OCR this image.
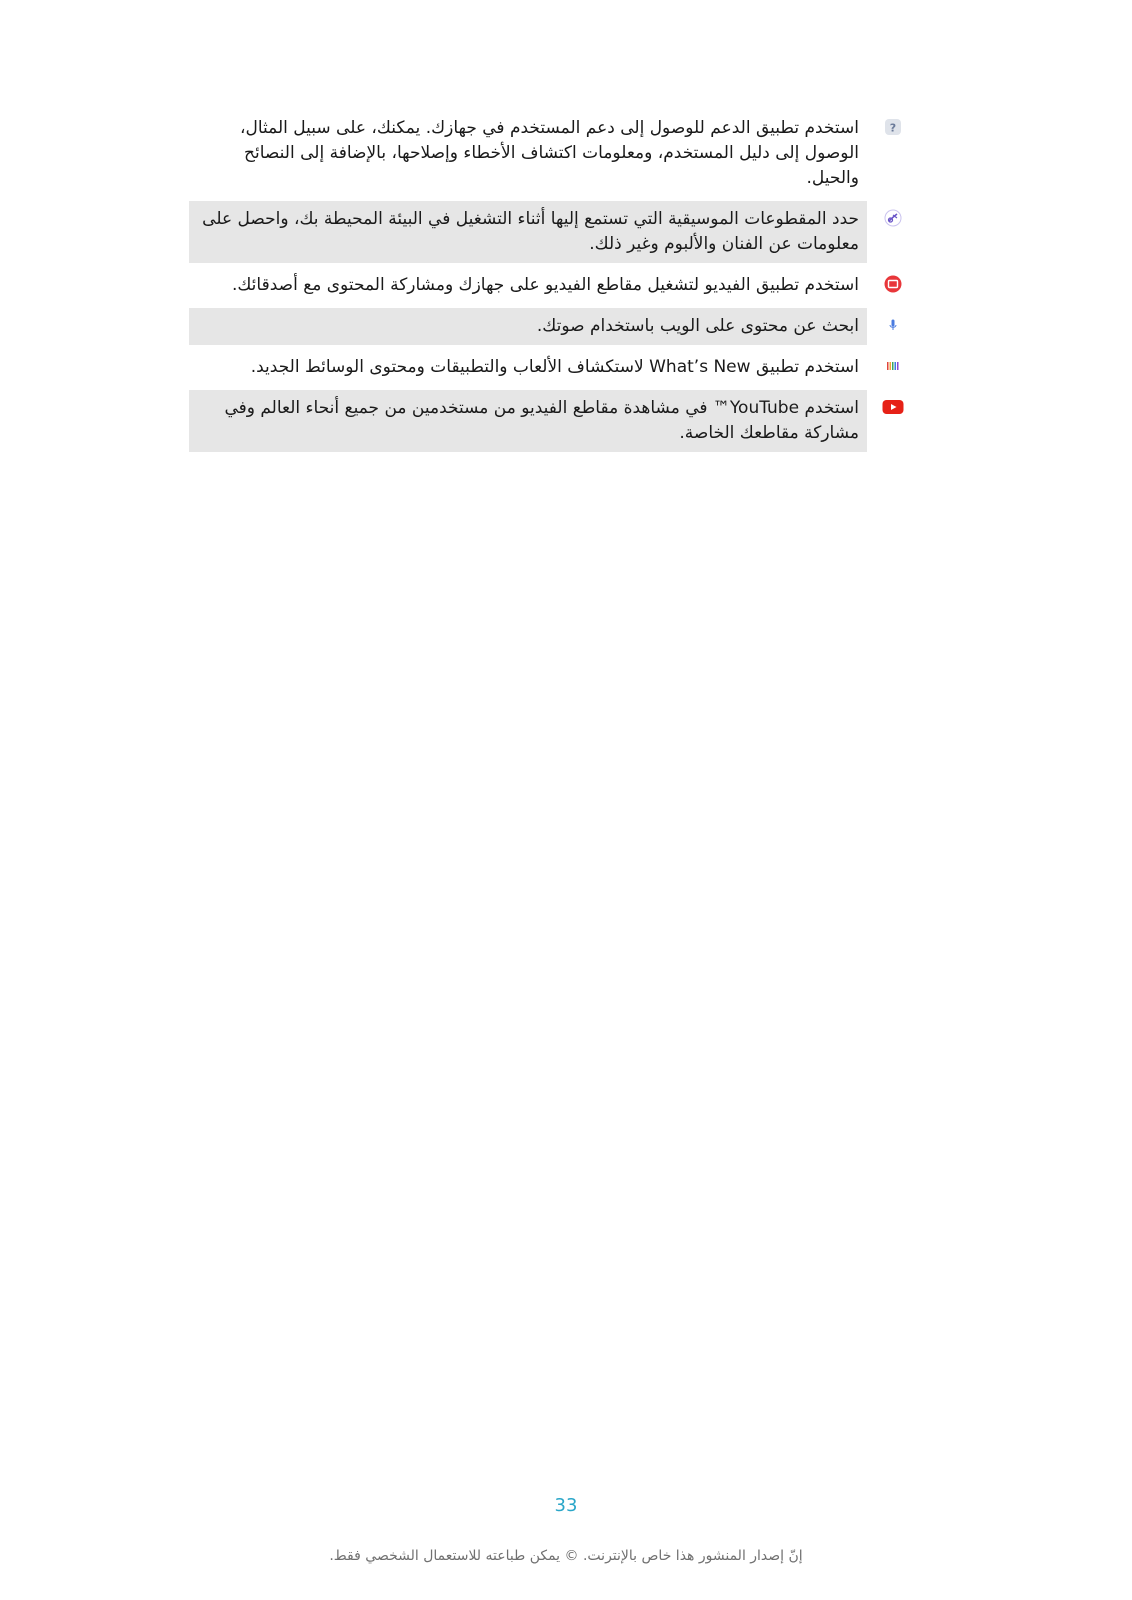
?
استخدم تطبيق الدعم للوصول إلى دعم المستخدم في جهازك. يمكنك، على سبيل المثال، الوصول إلى دليل المستخدم، ومعلومات اكتشاف الأخطاء وإصلاحها، بالإضافة إلى النصائح والحيل.
حدد المقطوعات الموسيقية التي تستمع إليها أثناء التشغيل في البيئة المحيطة بك، واحصل على معلومات عن الفنان والألبوم وغير ذلك.
استخدم تطبيق الفيديو لتشغيل مقاطع الفيديو على جهازك ومشاركة المحتوى مع أصدقائك.
ابحث عن محتوى على الويب باستخدام صوتك.
استخدم تطبيق What’s New لاستكشاف الألعاب والتطبيقات ومحتوى الوسائط الجديد.
استخدم YouTube™ في مشاهدة مقاطع الفيديو من مستخدمين من جميع أنحاء العالم وفي مشاركة مقاطعك الخاصة.
33
إنّ إصدار المنشور هذا خاص بالإنترنت. © يمكن طباعته للاستعمال الشخصي فقط.
